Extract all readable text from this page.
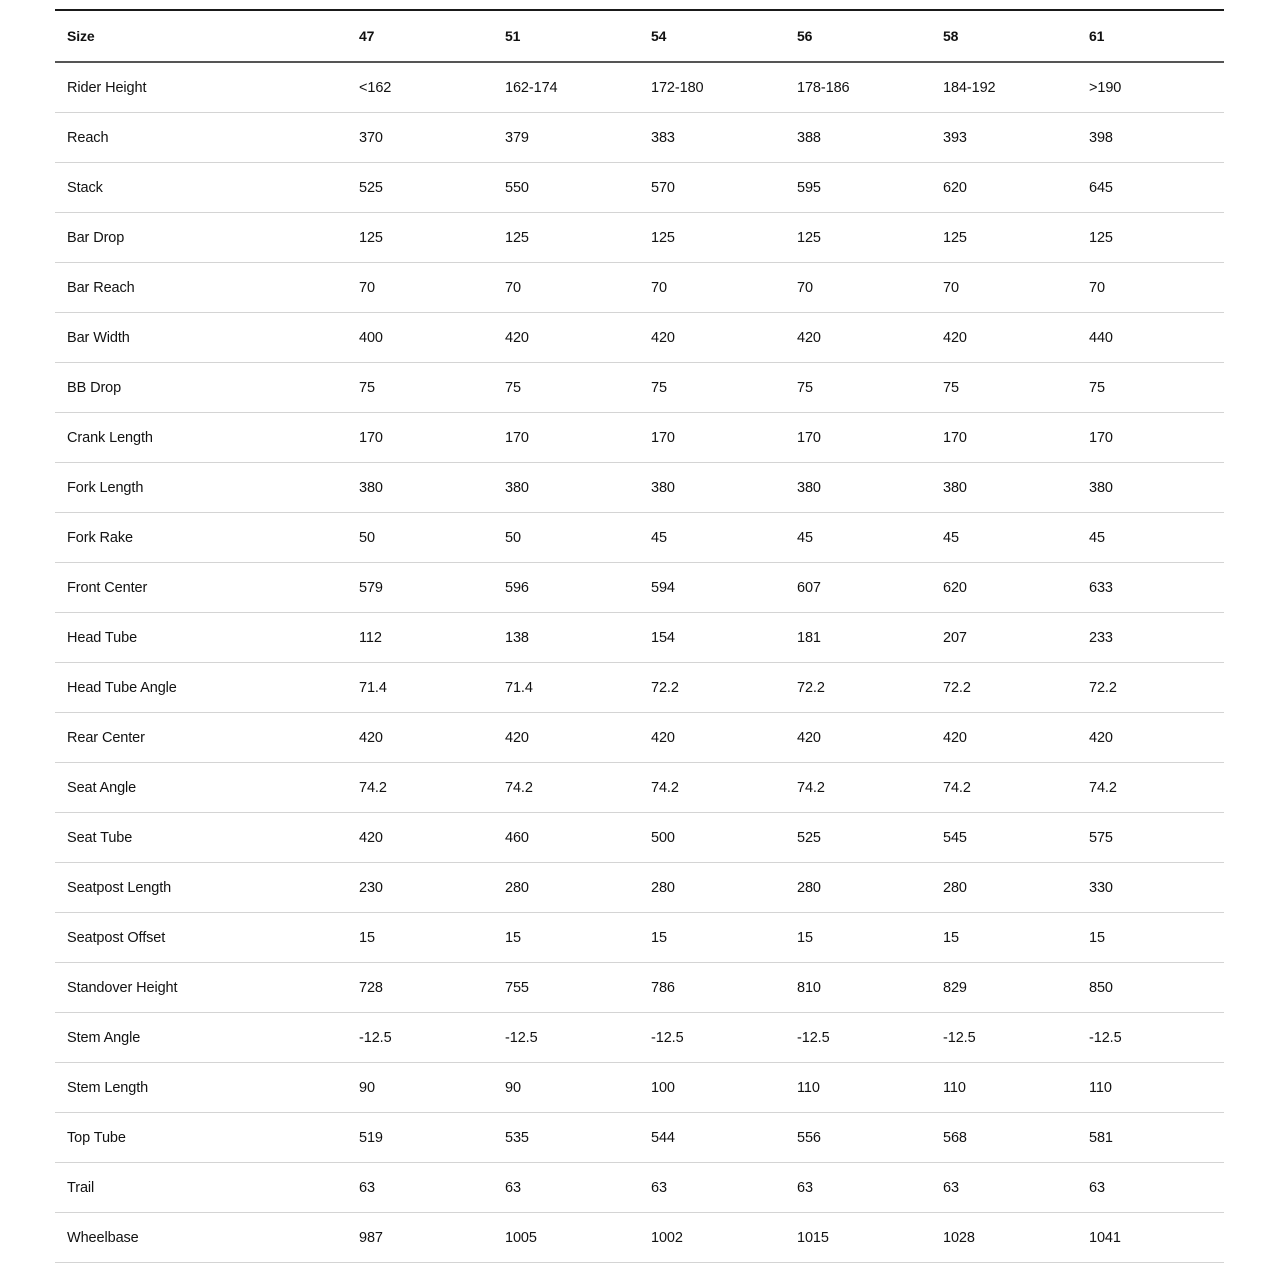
Size	47	51	54	56	58	61
Rider Height	<162	162-174	172-180	178-186	184-192	>190
Reach	370	379	383	388	393	398
Stack	525	550	570	595	620	645
Bar Drop	125	125	125	125	125	125
Bar Reach	70	70	70	70	70	70
Bar Width	400	420	420	420	420	440
BB Drop	75	75	75	75	75	75
Crank Length	170	170	170	170	170	170
Fork Length	380	380	380	380	380	380
Fork Rake	50	50	45	45	45	45
Front Center	579	596	594	607	620	633
Head Tube	112	138	154	181	207	233
Head Tube Angle	71.4	71.4	72.2	72.2	72.2	72.2
Rear Center	420	420	420	420	420	420
Seat Angle	74.2	74.2	74.2	74.2	74.2	74.2
Seat Tube	420	460	500	525	545	575
Seatpost Length	230	280	280	280	280	330
Seatpost Offset	15	15	15	15	15	15
Standover Height	728	755	786	810	829	850
Stem Angle	-12.5	-12.5	-12.5	-12.5	-12.5	-12.5
Stem Length	90	90	100	110	110	110
Top Tube	519	535	544	556	568	581
Trail	63	63	63	63	63	63
Wheelbase	987	1005	1002	1015	1028	1041
